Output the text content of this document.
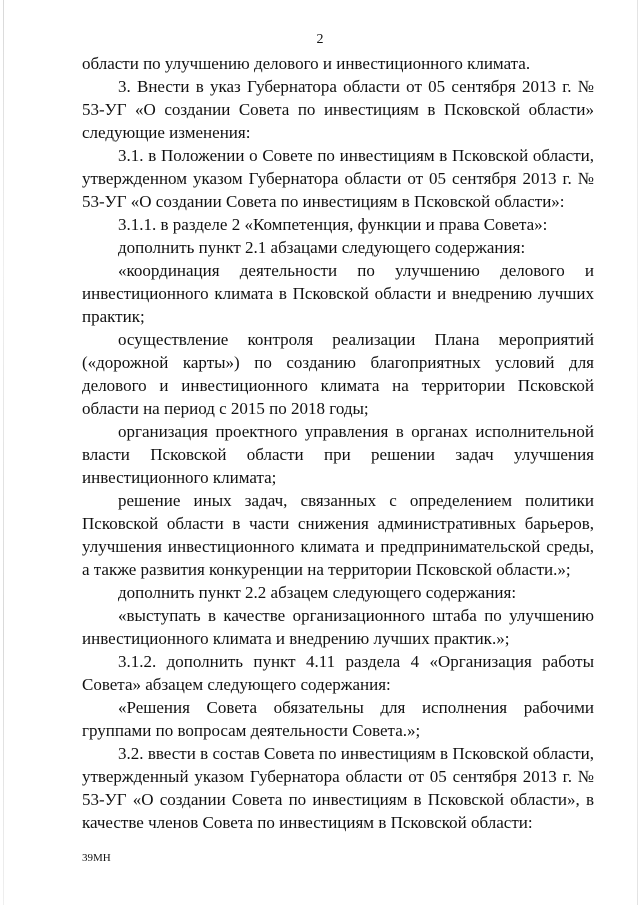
2

области по улучшению делового и инвестиционного климата.

3. Внести в указ Губернатора области от 05 сентября 2013 г. № 53-УГ «О создании Совета по инвестициям в Псковской области» следующие изменения:

3.1. в Положении о Совете по инвестициям в Псковской области, утвержденном указом Губернатора области от 05 сентября 2013 г. № 53-УГ «О создании Совета по инвестициям в Псковской области»:

3.1.1. в разделе 2 «Компетенция, функции и права Совета»:

дополнить пункт 2.1 абзацами следующего содержания:

«координация деятельности по улучшению делового и инвестиционного климата в Псковской области и внедрению лучших практик;

осуществление контроля реализации Плана мероприятий («дорожной карты») по созданию благоприятных условий для делового и инвестиционного климата на территории Псковской области на период с 2015 по 2018 годы;

организация проектного управления в органах исполнительной власти Псковской области при решении задач улучшения инвестиционного климата;

решение иных задач, связанных с определением политики Псковской области в части снижения административных барьеров, улучшения инвестиционного климата и предпринимательской среды, а также развития конкуренции на территории Псковской области.»;

дополнить пункт 2.2 абзацем следующего содержания:

«выступать в качестве организационного штаба по улучшению инвестиционного климата и внедрению лучших практик.»;

3.1.2. дополнить пункт 4.11 раздела 4 «Организация работы Совета» абзацем следующего содержания:

«Решения Совета обязательны для исполнения рабочими группами по вопросам деятельности Совета.»;

3.2. ввести в состав Совета по инвестициям в Псковской области, утвержденный указом Губернатора области от 05 сентября 2013 г. № 53-УГ «О создании Совета по инвестициям в Псковской области», в качестве членов Совета по инвестициям в Псковской области:

39МН
